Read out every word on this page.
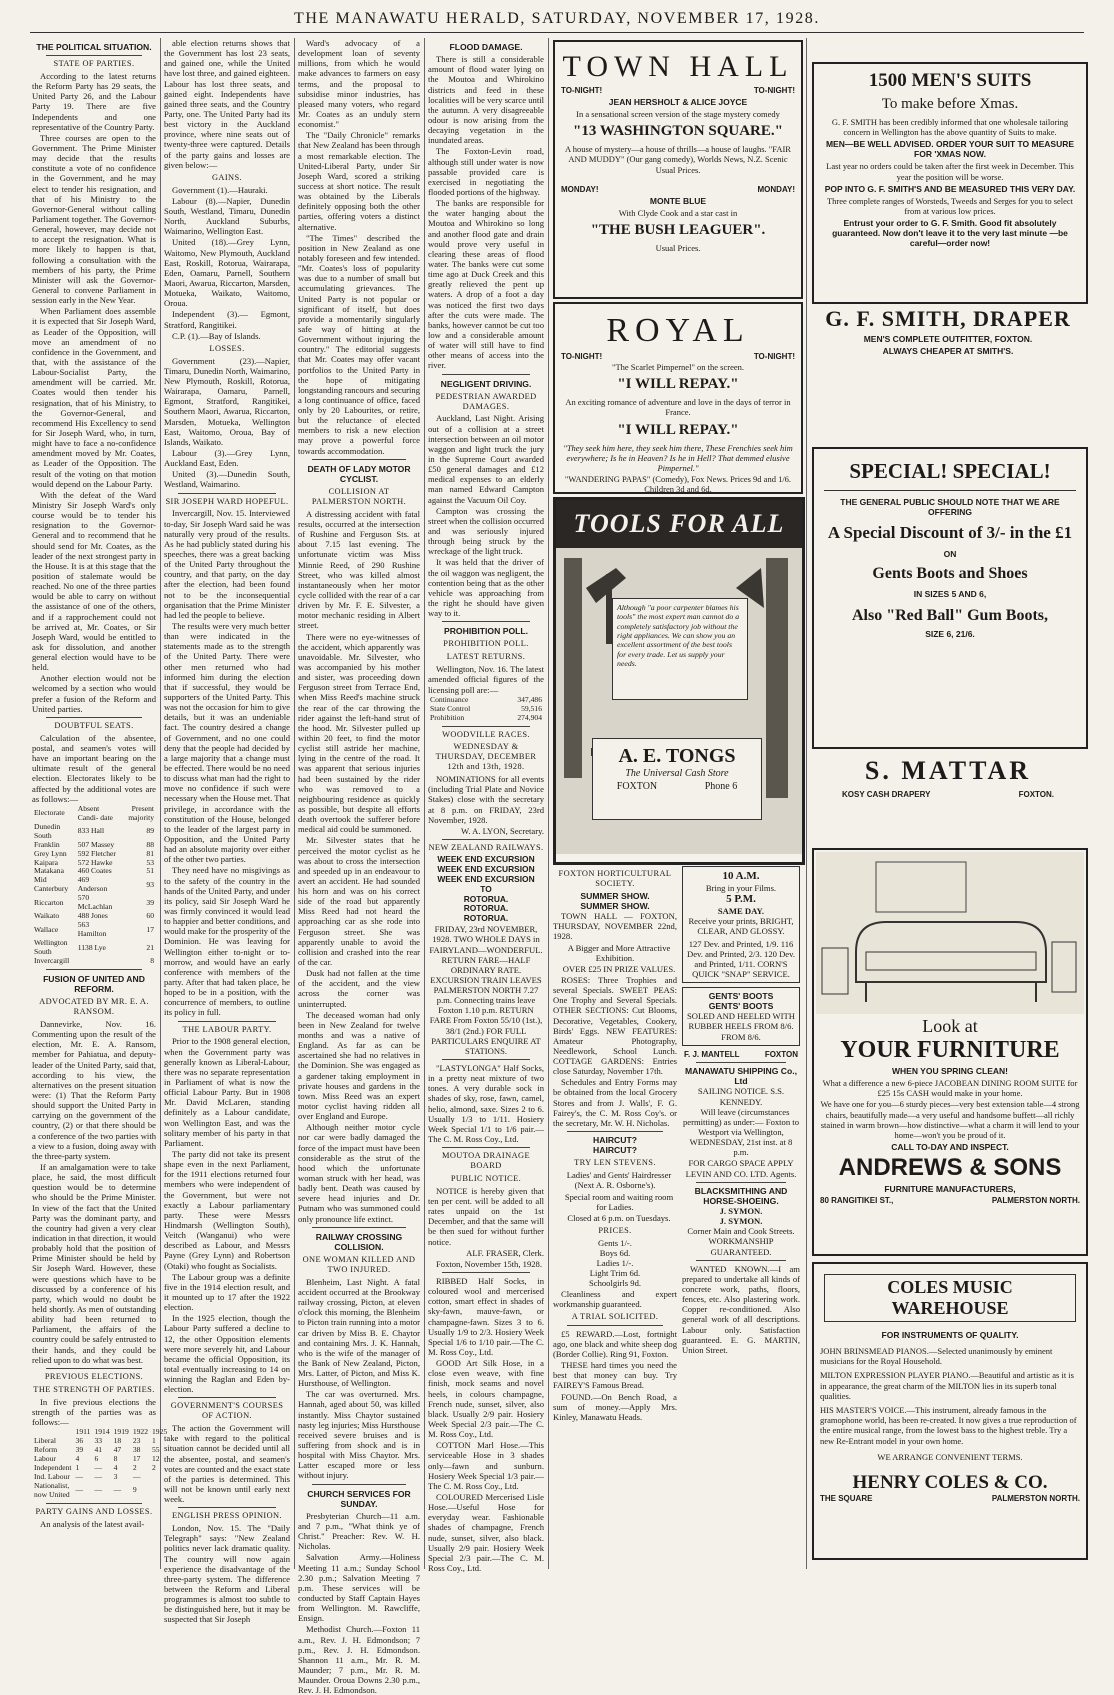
THE MANAWATU HERALD, SATURDAY, NOVEMBER 17, 1928.
THE POLITICAL SITUATION.
STATE OF PARTIES.

According to the latest returns the Reform Party has 29 seats, the United Party 26, and the Labour Party 19. There are five Independents and one representative of the Country Party.

Three courses are open to the Government. The Prime Minister may decide that the results constitute a vote of no confidence in the Government, and he may elect to tender his resignation, and that of his Ministry to the Governor-General without calling Parliament together. The Governor-General, however, may decide not to accept the resignation. What is more likely to happen is that, following a consultation with the members of his party, the Prime Minister will ask the Governor-General to convene Parliament in session early in the New Year.

When Parliament does assemble it is expected that Sir Joseph Ward, as Leader of the Opposition, will move an amendment of no confidence in the Government, and that, with the assistance of the Labour-Socialist Party, the amendment will be carried. Mr. Coates would then tender his resignation, that of his Ministry, to the Governor-General, and recommend His Excellency to send for Sir Joseph Ward, who, in turn, might have to face a no-confidence amendment moved by Mr. Coates, as Leader of the Opposition. The result of the voting on that motion would depend on the Labour Party.

With the defeat of the Ward Ministry Sir Joseph Ward's only course would be to tender his resignation to the Governor-General and to recommend that he should send for Mr. Coates, as the leader of the next strongest party in the House. It is at this stage that the position of stalemate would be reached. No one of the three parties would be able to carry on without the assistance of one of the others, and if a rapprochement could not be arrived at, Mr. Coates, or Sir Joseph Ward, would be entitled to ask for dissolution, and another general election would have to be held.

Another election would not be welcomed by a section who would prefer a fusion of the Reform and United parties.

DOUBTFUL SEATS.

Calculation of the absentee, postal, and seamen's votes will have an important bearing on the ultimate result of the general election. Electorates likely to be affected by the additional votes are as follows:—

Electorate	Absent Candi- date	Present majority
Dunedin South	833 Hall	89
Franklin	507 Massey	88
Grey Lynn	592 Fletcher	81
Kaipara	572 Hawke	53
Matakana	460 Coates	51
Mid Canterbury	469 Anderson	93
Riccarton	570 McLachlan	39
Waikato	488 Jones	60
Wallace	563 Hamilton	17
Wellington South	1138 Lye	21
Invercargill		8
FUSION OF UNITED AND REFORM.
ADVOCATED BY MR. E. A. RANSOM.

Dannevirke, Nov. 16. Commenting upon the result of the election, Mr. E. A. Ransom, member for Pahiatua, and deputy-leader of the United Party, said that, according to his view, the alternatives on the present situation were: (1) That the Reform Party should support the United Party in carrying on the government of the country, (2) or that there should be a conference of the two parties with a view to a fusion, doing away with the three-party system.

If an amalgamation were to take place, he said, the most difficult question would be to determine who should be the Prime Minister. In view of the fact that the United Party was the dominant party, and the country had given a very clear indication in that direction, it would probably hold that the position of Prime Minister should be held by Sir Joseph Ward. However, these were questions which have to be discussed by a conference of his party, which would no doubt be held shortly. As men of outstanding ability had been returned to Parliament, the affairs of the country could be safely entrusted to their hands, and they could be relied upon to do what was best.

PREVIOUS ELECTIONS.
THE STRENGTH OF PARTIES.

In five previous elections the strength of the parties was as follows:—

	1911	1914	1919	1922	1925
Liberal	36	33	18	23	1
Reform	39	41	47	38	55
Labour	4	6	8	17	12
Independent	1	—	4	2	2
Ind. Labour	—	—	3	—	
Nationalist, now United	—	—	—	9	
PARTY GAINS AND LOSSES.

An analysis of the latest avail-

able election returns shows that the Government has lost 23 seats, and gained one, while the United have lost three, and gained eighteen. Labour has lost three seats, and gained eight. Independents have gained three seats, and the Country Party, one. The United Party had its best victory in the Auckland province, where nine seats out of twenty-three were captured. Details of the party gains and losses are given below:—

GAINS.

Government (1).—Hauraki.

Labour (8).—Napier, Dunedin South, Westland, Timaru, Dunedin North, Auckland Suburbs, Waimarino, Wellington East.

United (18).—Grey Lynn, Waitomo, New Plymouth, Auckland East, Roskill, Rotorua, Wairarapa, Eden, Oamaru, Parnell, Southern Maori, Awarua, Riccarton, Marsden, Motueka, Waikato, Waitomo, Oroua.

Independent (3).— Egmont, Stratford, Rangitikei.

C.P. (1).—Bay of Islands.

LOSSES.

Government (23).—Napier, Timaru, Dunedin North, Waimarino, New Plymouth, Roskill, Rotorua, Wairarapa, Oamaru, Parnell, Egmont, Stratford, Rangitikei, Southern Maori, Awarua, Riccarton, Marsden, Motueka, Wellington East, Waitomo, Oroua, Bay of Islands, Waikato.

Labour (3).—Grey Lynn, Auckland East, Eden.

United (3).—Dunedin South, Westland, Waimarino.

SIR JOSEPH WARD HOPEFUL.

Invercargill, Nov. 15. Interviewed to-day, Sir Joseph Ward said he was naturally very proud of the results. As he had publicly stated during his speeches, there was a great backing of the United Party throughout the country, and that party, on the day after the election, had been found not to be the inconsequential organisation that the Prime Minister had led the people to believe.

The results were very much better than were indicated in the statements made as to the strength of the United Party. There were other men returned who had informed him during the election that if successful, they would be supporters of the United Party. This was not the occasion for him to give details, but it was an undeniable fact. The country desired a change of Government, and no one could deny that the people had decided by a large majority that a change must be effected. There would be no need to discuss what man had the right to move no confidence if such were necessary when the House met. That privilege, in accordance with the constitution of the House, belonged to the leader of the largest party in Opposition, and the United Party had an absolute majority over either of the other two parties.

They need have no misgivings as to the safety of the country in the hands of the United Party, and under its policy, said Sir Joseph Ward he was firmly convinced it would lead to happier and better conditions, and would make for the prosperity of the Dominion. He was leaving for Wellington either to-night or to-morrow, and would have an early conference with members of the party. After that had taken place, he hoped to be in a position, with the concurrence of members, to outline its policy in full.

THE LABOUR PARTY.

Prior to the 1908 general election, when the Government party was generally known as Liberal-Labour, there was no separate representation in Parliament of what is now the official Labour Party. But in 1908 Mr. David McLaren, standing definitely as a Labour candidate, won Wellington East, and was the solitary member of his party in that Parliament.

The party did not take its present shape even in the next Parliament, for the 1911 elections returned four members who were independent of the Government, but were not exactly a Labour parliamentary party. These were Messrs Hindmarsh (Wellington South), Veitch (Wanganui) who were described as Labour, and Messrs Payne (Grey Lynn) and Robertson (Otaki) who fought as Socialists.

The Labour group was a definite five in the 1914 election result, and it mounted up to 17 after the 1922 election.

In the 1925 election, though the Labour Party suffered a decline to 12, the other Opposition elements were more severely hit, and Labour became the official Opposition, its total eventually increasing to 14 on winning the Raglan and Eden by-election.

GOVERNMENT'S COURSES OF ACTION.

The action the Government will take with regard to the political situation cannot be decided until all the absentee, postal, and seamen's votes are counted and the exact state of the parties is determined. This will not be known until early next week.

ENGLISH PRESS OPINION.

London, Nov. 15. The "Daily Telegraph" says: "New Zealand politics never lack dramatic quality. The country will now again experience the disadvantage of the three-party system. The difference between the Reform and Liberal programmes is almost too subtle to be distinguished here, but it may be suspected that Sir Joseph

Ward's advocacy of a development loan of seventy millions, from which he would make advances to farmers on easy terms, and the proposal to subsidise minor industries, has pleased many voters, who regard Mr. Coates as an unduly stern economist."

The "Daily Chronicle" remarks that New Zealand has been through a most remarkable election. The United-Liberal Party, under Sir Joseph Ward, scored a striking success at short notice. The result was obtained by the Liberals definitely opposing both the other parties, offering voters a distinct alternative.

"The Times" described the position in New Zealand as one notably foreseen and few intended. "Mr. Coates's loss of popularity was due to a number of small but accumulating grievances. The United Party is not popular or significant of itself, but does provide a momentarily singularly safe way of hitting at the Government without injuring the country." The editorial suggests that Mr. Coates may offer vacant portfolios to the United Party in the hope of mitigating longstanding rancours and securing a long continuance of office, faced only by 20 Labourites, or retire, but the reluctance of elected members to risk a new election may prove a powerful force towards accommodation.

DEATH OF LADY MOTOR CYCLIST.
COLLISION AT PALMERSTON NORTH.

A distressing accident with fatal results, occurred at the intersection of Rushine and Ferguson Sts. at about 7.15 last evening. The unfortunate victim was Miss Minnie Reed, of 290 Rushine Street, who was killed almost instantaneously when her motor cycle collided with the rear of a car driven by Mr. F. E. Silvester, a motor mechanic residing in Albert street.

There were no eye-witnesses of the accident, which apparently was unavoidable. Mr. Silvester, who was accompanied by his mother and sister, was proceeding down Ferguson street from Terrace End, when Miss Reed's machine struck the rear of the car throwing the rider against the left-hand strut of the hood. Mr. Silvester pulled up within 20 feet, to find the motor cyclist still astride her machine, lying in the centre of the road. It was apparent that serious injuries had been sustained by the rider who was removed to a neighbouring residence as quickly as possible, but despite all efforts death overtook the sufferer before medical aid could be summoned.

Mr. Silvester states that he perceived the motor cyclist as he was about to cross the intersection and speeded up in an endeavour to avert an accident. He had sounded his horn and was on his correct side of the road but apparently Miss Reed had not heard the approaching car as she rode into Ferguson street. She was apparently unable to avoid the collision and crashed into the rear of the car.

Dusk had not fallen at the time of the accident, and the view across the corner was uninterrupted.

The deceased woman had only been in New Zealand for twelve months and was a native of England. As far as can be ascertained she had no relatives in the Dominion. She was engaged as a gardener taking employment in private houses and gardens in the town. Miss Reed was an expert motor cyclist having ridden all over England and Europe.

Although neither motor cycle nor car were badly damaged the force of the impact must have been considerable as the strut of the hood which the unfortunate woman struck with her head, was badly bent. Death was caused by severe head injuries and Dr. Putnam who was summoned could only pronounce life extinct.

RAILWAY CROSSING COLLISION.
ONE WOMAN KILLED AND TWO INJURED.

Blenheim, Last Night. A fatal accident occurred at the Brookway railway crossing, Picton, at eleven o'clock this morning, the Blenheim to Picton train running into a motor car driven by Miss B. E. Chaytor and containing Mrs. J. K. Hannah, who is the wife of the manager of the Bank of New Zealand, Picton, Mrs. Latter, of Picton, and Miss K. Hursthouse, of Wellington.

The car was overturned. Mrs. Hannah, aged about 50, was killed instantly. Miss Chaytor sustained nasty leg injuries; Miss Hursthouse received severe bruises and is suffering from shock and is in hospital with Miss Chaytor. Mrs. Latter escaped more or less without injury.

CHURCH SERVICES FOR SUNDAY.

Presbyterian Church—11 a.m. and 7 p.m., "What think ye of Christ." Preacher: Rev. W. H. Nicholas.

Salvation Army.—Holiness Meeting 11 a.m.; Sunday School 2.30 p.m.; Salvation Meeting 7 p.m. These services will be conducted by Staff Captain Hayes from Wellington. M. Rawcliffe, Ensign.

Methodist Church.—Foxton 11 a.m., Rev. J. H. Edmondson; 7 p.m., Rev. J. H. Edmondson. Shannon 11 a.m., Mr. R. M. Maunder; 7 p.m., Mr. R. M. Maunder. Oroua Downs 2.30 p.m., Rev. J. H. Edmondson.

FLOOD DAMAGE.

There is still a considerable amount of flood water lying on the Moutoa and Whirokino districts and feed in these localities will be very scarce until the autumn. A very disagreeable odour is now arising from the decaying vegetation in the inundated areas.

The Foxton-Levin road, although still under water is now passable provided care is exercised in negotiating the flooded portions of the highway.

The banks are responsible for the water hanging about the Moutoa and Whirokino so long and another flood gate and drain would prove very useful in clearing these areas of flood water. The banks were cut some time ago at Duck Creek and this greatly relieved the pent up waters. A drop of a foot a day was noticed the first two days after the cuts were made. The banks, however cannot be cut too low and a considerable amount of water will still have to find other means of access into the river.

NEGLIGENT DRIVING.
PEDESTRIAN AWARDED DAMAGES.

Auckland, Last Night. Arising out of a collision at a street intersection between an oil motor waggon and light truck the jury in the Supreme Court awarded £50 general damages and £12 medical expenses to an elderly man named Edward Campton against the Vacuum Oil Coy.

Campton was crossing the street when the collision occurred and was seriously injured through being struck by the wreckage of the light truck.

It was held that the driver of the oil waggon was negligent, the contention being that as the other vehicle was approaching from the right he should have given way to it.

PROHIBITION POLL.
PROHIBITION POLL.
LATEST RETURNS.

Wellington, Nov. 16. The latest amended official figures of the licensing poll are:—

Continuance	347,486
State Control	59,516
Prohibition	274,904
WOODVILLE RACES.
WEDNESDAY & THURSDAY, DECEMBER 12th and 13th, 1928.

NOMINATIONS for all events (including Trial Plate and Novice Stakes) close with the secretary at 8 p.m. on FRIDAY, 23rd November, 1928.

W. A. LYON, Secretary.

NEW ZEALAND RAILWAYS.
WEEK END EXCURSION
WEEK END EXCURSION
WEEK END EXCURSION
TO
ROTORUA.
ROTORUA.
ROTORUA.

FRIDAY, 23rd NOVEMBER, 1928. TWO WHOLE DAYS in FAIRYLAND—WONDERFUL. RETURN FARE—HALF ORDINARY RATE. EXCURSION TRAIN LEAVES PALMERSTON NORTH 7.27 p.m. Connecting trains leave Foxton 1.10 p.m. RETURN FARE From Foxton 55/10 (1st.), 38/1 (2nd.) FOR FULL PARTICULARS ENQUIRE AT STATIONS.

"LASTYLONGA" Half Socks, in a pretty neat mixture of two tones. A very durable sock in shades of sky, rose, fawn, camel, helio, almond, saxe. Sizes 2 to 6. Usually 1/3 to 1/11. Hosiery Week Special 1/1 to 1/6 pair.—The C. M. Ross Coy., Ltd.

MOUTOA DRAINAGE BOARD
PUBLIC NOTICE.

NOTICE is hereby given that ten per cent. will be added to all rates unpaid on the 1st December, and that the same will be then sued for without further notice.

ALF. FRASER, Clerk.

Foxton, November 15th, 1928.

RIBBED Half Socks, in coloured wool and mercerised cotton, smart effect in shades of sky-fawn, mauve-fawn, or champagne-fawn. Sizes 3 to 6. Usually 1/9 to 2/3. Hosiery Week Special 1/6 to 1/10 pair.—The C. M. Ross Coy., Ltd.

GOOD Art Silk Hose, in a close even weave, with fine finish, mock seams and novel heels, in colours champagne, French nude, sunset, silver, also black. Usually 2/9 pair. Hosiery Week Special 2/3 pair.—The C. M. Ross Coy., Ltd.

COTTON Marl Hose.—This serviceable Hose in 3 shades only—fawn and sunburn. Hosiery Week Special 1/3 pair.—The C. M. Ross Coy., Ltd.

COLOURED Mercerised Lisle Hose.—Useful Hose for everyday wear. Fashionable shades of champagne, French nude, sunset, silver, also black. Usually 2/9 pair. Hosiery Week Special 2/3 pair.—The C. M. Ross Coy., Ltd.

TOWN HALL
TO-NIGHT!	TO-NIGHT!
JEAN HERSHOLT & ALICE JOYCE
In a sensational screen version of the stage mystery comedy
"13 WASHINGTON SQUARE."
A house of mystery—a house of thrills—a house of laughs. "FAIR AND MUDDY" (Our gang comedy), Worlds News, N.Z. Scenic Usual Prices.
MONDAY!	MONDAY!
MONTE BLUE
With Clyde Cook and a star cast in
"THE BUSH LEAGUER".
Usual Prices.
ROYAL
TO-NIGHT!	TO-NIGHT!
"The Scarlet Pimpernel" on the screen.
"I WILL REPAY."
An exciting romance of adventure and love in the days of terror in France.
"I WILL REPAY."
"They seek him here, they seek him there, These Frenchies seek him everywhere; Is he in Heaven? Is he in Hell? That demmed elusive Pimpernel."
"WANDERING PAPAS" (Comedy), Fox News. Prices 9d and 1/6. Children 3d and 6d.
TOOLS FOR ALL
Although "a poor carpenter blames his tools" the most expert man cannot do a completely satisfactory job without the right appliances. We can show you an excellent assortment of the best tools for every trade. Let us supply your needs.
A. E. TONGS
The Universal Cash Store
FOXTON	Phone 6
FOXTON HORTICULTURAL SOCIETY.
SUMMER SHOW.
SUMMER SHOW.

TOWN HALL — FOXTON, THURSDAY, NOVEMBER 22nd, 1928.

A Bigger and More Attractive Exhibition.

OVER £25 IN PRIZE VALUES.

ROSES: Three Trophies and several Specials. SWEET PEAS: One Trophy and Several Specials. OTHER SECTIONS: Cut Blooms, Decorative, Vegetables, Cookery, Birds' Eggs. NEW FEATURES: Amateur Photography, Needlework, School Lunch. COTTAGE GARDENS: Entries close Saturday, November 17th.

Schedules and Entry Forms may be obtained from the local Grocery Stores and from J. Walls', F. G. Fairey's, the C. M. Ross Coy's. or the secretary, Mr. W. H. Nicholas.

HAIRCUT?
HAIRCUT?
TRY LEN STEVENS.

Ladies' and Gents' Hairdresser (Next A. R. Osborne's).

Special room and waiting room for Ladies.

Closed at 6 p.m. on Tuesdays.

PRICES.
Gents 1/-.
Boys 6d.
Ladies 1/-.
Light Trim 6d.
Schoolgirls 9d.

Cleanliness and expert workmanship guaranteed.

A TRIAL SOLICITED.

£5 REWARD.—Lost, fortnight ago, one black and white sheep dog (Border Collie). Ring 91, Foxton.

THESE hard times you need the best that money can buy. Try FAIREY'S Famous Bread.

FOUND.—On Bench Road, a sum of money.—Apply Mrs. Kinley, Manawatu Heads.

10 A.M.
Bring in your Films.
5 P.M.
SAME DAY.
Receive your prints, BRIGHT, CLEAR, AND GLOSSY.
127 Dev. and Printed, 1/9. 116 Dev. and Printed, 2/3. 120 Dev. and Printed, 1/11. CORN'S QUICK "SNAP" SERVICE.
GENTS' BOOTS
GENTS' BOOTS
SOLED AND HEELED WITH RUBBER HEELS FROM 8/6. FROM 8/6.
F. J. MANTELL	FOXTON
MANAWATU SHIPPING Co., Ltd
SAILING NOTICE. S.S. KENNEDY.

Will leave (circumstances permitting) as under:— Foxton to Westport via Wellington, WEDNESDAY, 21st inst. at 8 p.m.

FOR CARGO SPACE APPLY LEVIN AND CO. LTD. Agents.
BLACKSMITHING AND HORSE-SHOEING.
J. SYMON.
J. SYMON.
Corner Main and Cook Streets.
WORKMANSHIP GUARANTEED.

WANTED KNOWN.—I am prepared to undertake all kinds of concrete work, paths, floors, fences, etc. Also plastering work. Copper re-conditioned. Also general work of all descriptions. Labour only. Satisfaction guaranteed. E. G. MARTIN, Union Street.

1500 MEN'S SUITS
To make before Xmas.
G. F. SMITH has been credibly informed that one wholesale tailoring concern in Wellington has the above quantity of Suits to make.
MEN—BE WELL ADVISED. ORDER YOUR SUIT TO MEASURE FOR 'XMAS NOW.
Last year no orders could be taken after the first week in December. This year the position will be worse.
POP INTO G. F. SMITH'S AND BE MEASURED THIS VERY DAY.
Three complete ranges of Worsteds, Tweeds and Serges for you to select from at various low prices.
Entrust your order to G. F. Smith. Good fit absolutely guaranteed. Now don't leave it to the very last minute —be careful—order now!
G. F. SMITH, DRAPER
MEN'S COMPLETE OUTFITTER, FOXTON.
ALWAYS CHEAPER AT SMITH'S.
SPECIAL! SPECIAL!
THE GENERAL PUBLIC SHOULD NOTE THAT WE ARE OFFERING
A Special Discount of 3/- in the £1
ON
Gents Boots and Shoes
IN SIZES 5 AND 6,
Also "Red Ball" Gum Boots,
SIZE 6, 21/6.
S. MATTAR
KOSY CASH DRAPERY	FOXTON.
Look at
YOUR FURNITURE
WHEN YOU SPRING CLEAN!
What a difference a new 6-piece JACOBEAN DINING ROOM SUITE for £25 15s CASH would make in your home.
We have one for you—6 sturdy pieces—very best extension table—4 strong chairs, beautifully made—a very useful and handsome buffett—all richly stained in warm brown—how distinctive—what a charm it will lend to your home—won't you be proud of it.
CALL TO-DAY AND INSPECT.
ANDREWS & SONS
FURNITURE MANUFACTURERS,
80 RANGITIKEI ST.,	PALMERSTON NORTH.
COLES MUSIC WAREHOUSE
FOR INSTRUMENTS OF QUALITY.
JOHN BRINSMEAD PIANOS.—Selected unanimously by eminent musicians for the Royal Household.
MILTON EXPRESSION PLAYER PIANO.—Beautiful and artistic as it is in appearance, the great charm of the MILTON lies in its superb tonal qualities.
HIS MASTER'S VOICE.—This instrument, already famous in the gramophone world, has been re-created. It now gives a true reproduction of the entire musical range, from the lowest bass to the highest treble. Try a new Re-Entrant model in your own home.
WE ARRANGE CONVENIENT TERMS.
HENRY COLES & CO.
THE SQUARE	PALMERSTON NORTH.
